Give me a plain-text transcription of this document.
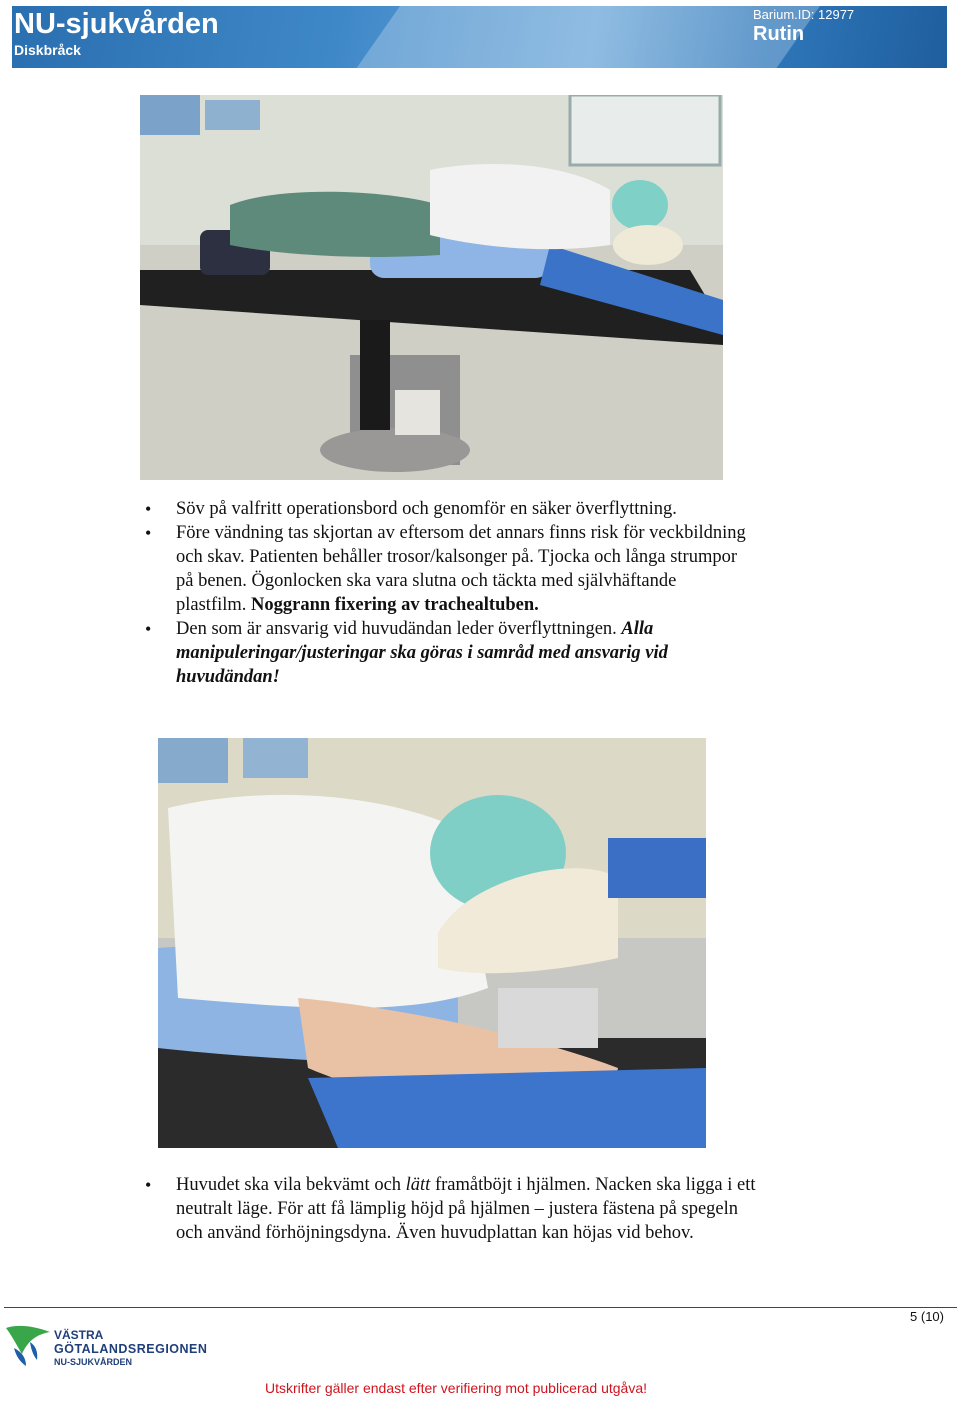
NU-sjukvården
Diskbråck
Barium.ID: 12977
Rutin
• Söv på valfritt operationsbord och genomför en säker överflyttning.
• Före vändning tas skjortan av eftersom det annars finns risk för veckbildning och skav. Patienten behåller trosor/kalsonger på. Tjocka och långa strumpor på benen. Ögonlocken ska vara slutna och täckta med självhäftande plastfilm. Noggrann fixering av trachealtuben.
• Den som är ansvarig vid huvudändan leder överflyttningen. Alla manipuleringar/justeringar ska göras i samråd med ansvarig vid huvudändan!
• Huvudet ska vila bekvämt och lätt framåtböjt i hjälmen. Nacken ska ligga i ett neutralt läge. För att få lämplig höjd på hjälmen – justera fästena på spegeln och använd förhöjningsdyna. Även huvudplattan kan höjas vid behov.
5 (10)
VÄSTRA
GÖTALANDSREGIONEN
NU-SJUKVÅRDEN
Utskrifter gäller endast efter verifiering mot publicerad utgåva!
